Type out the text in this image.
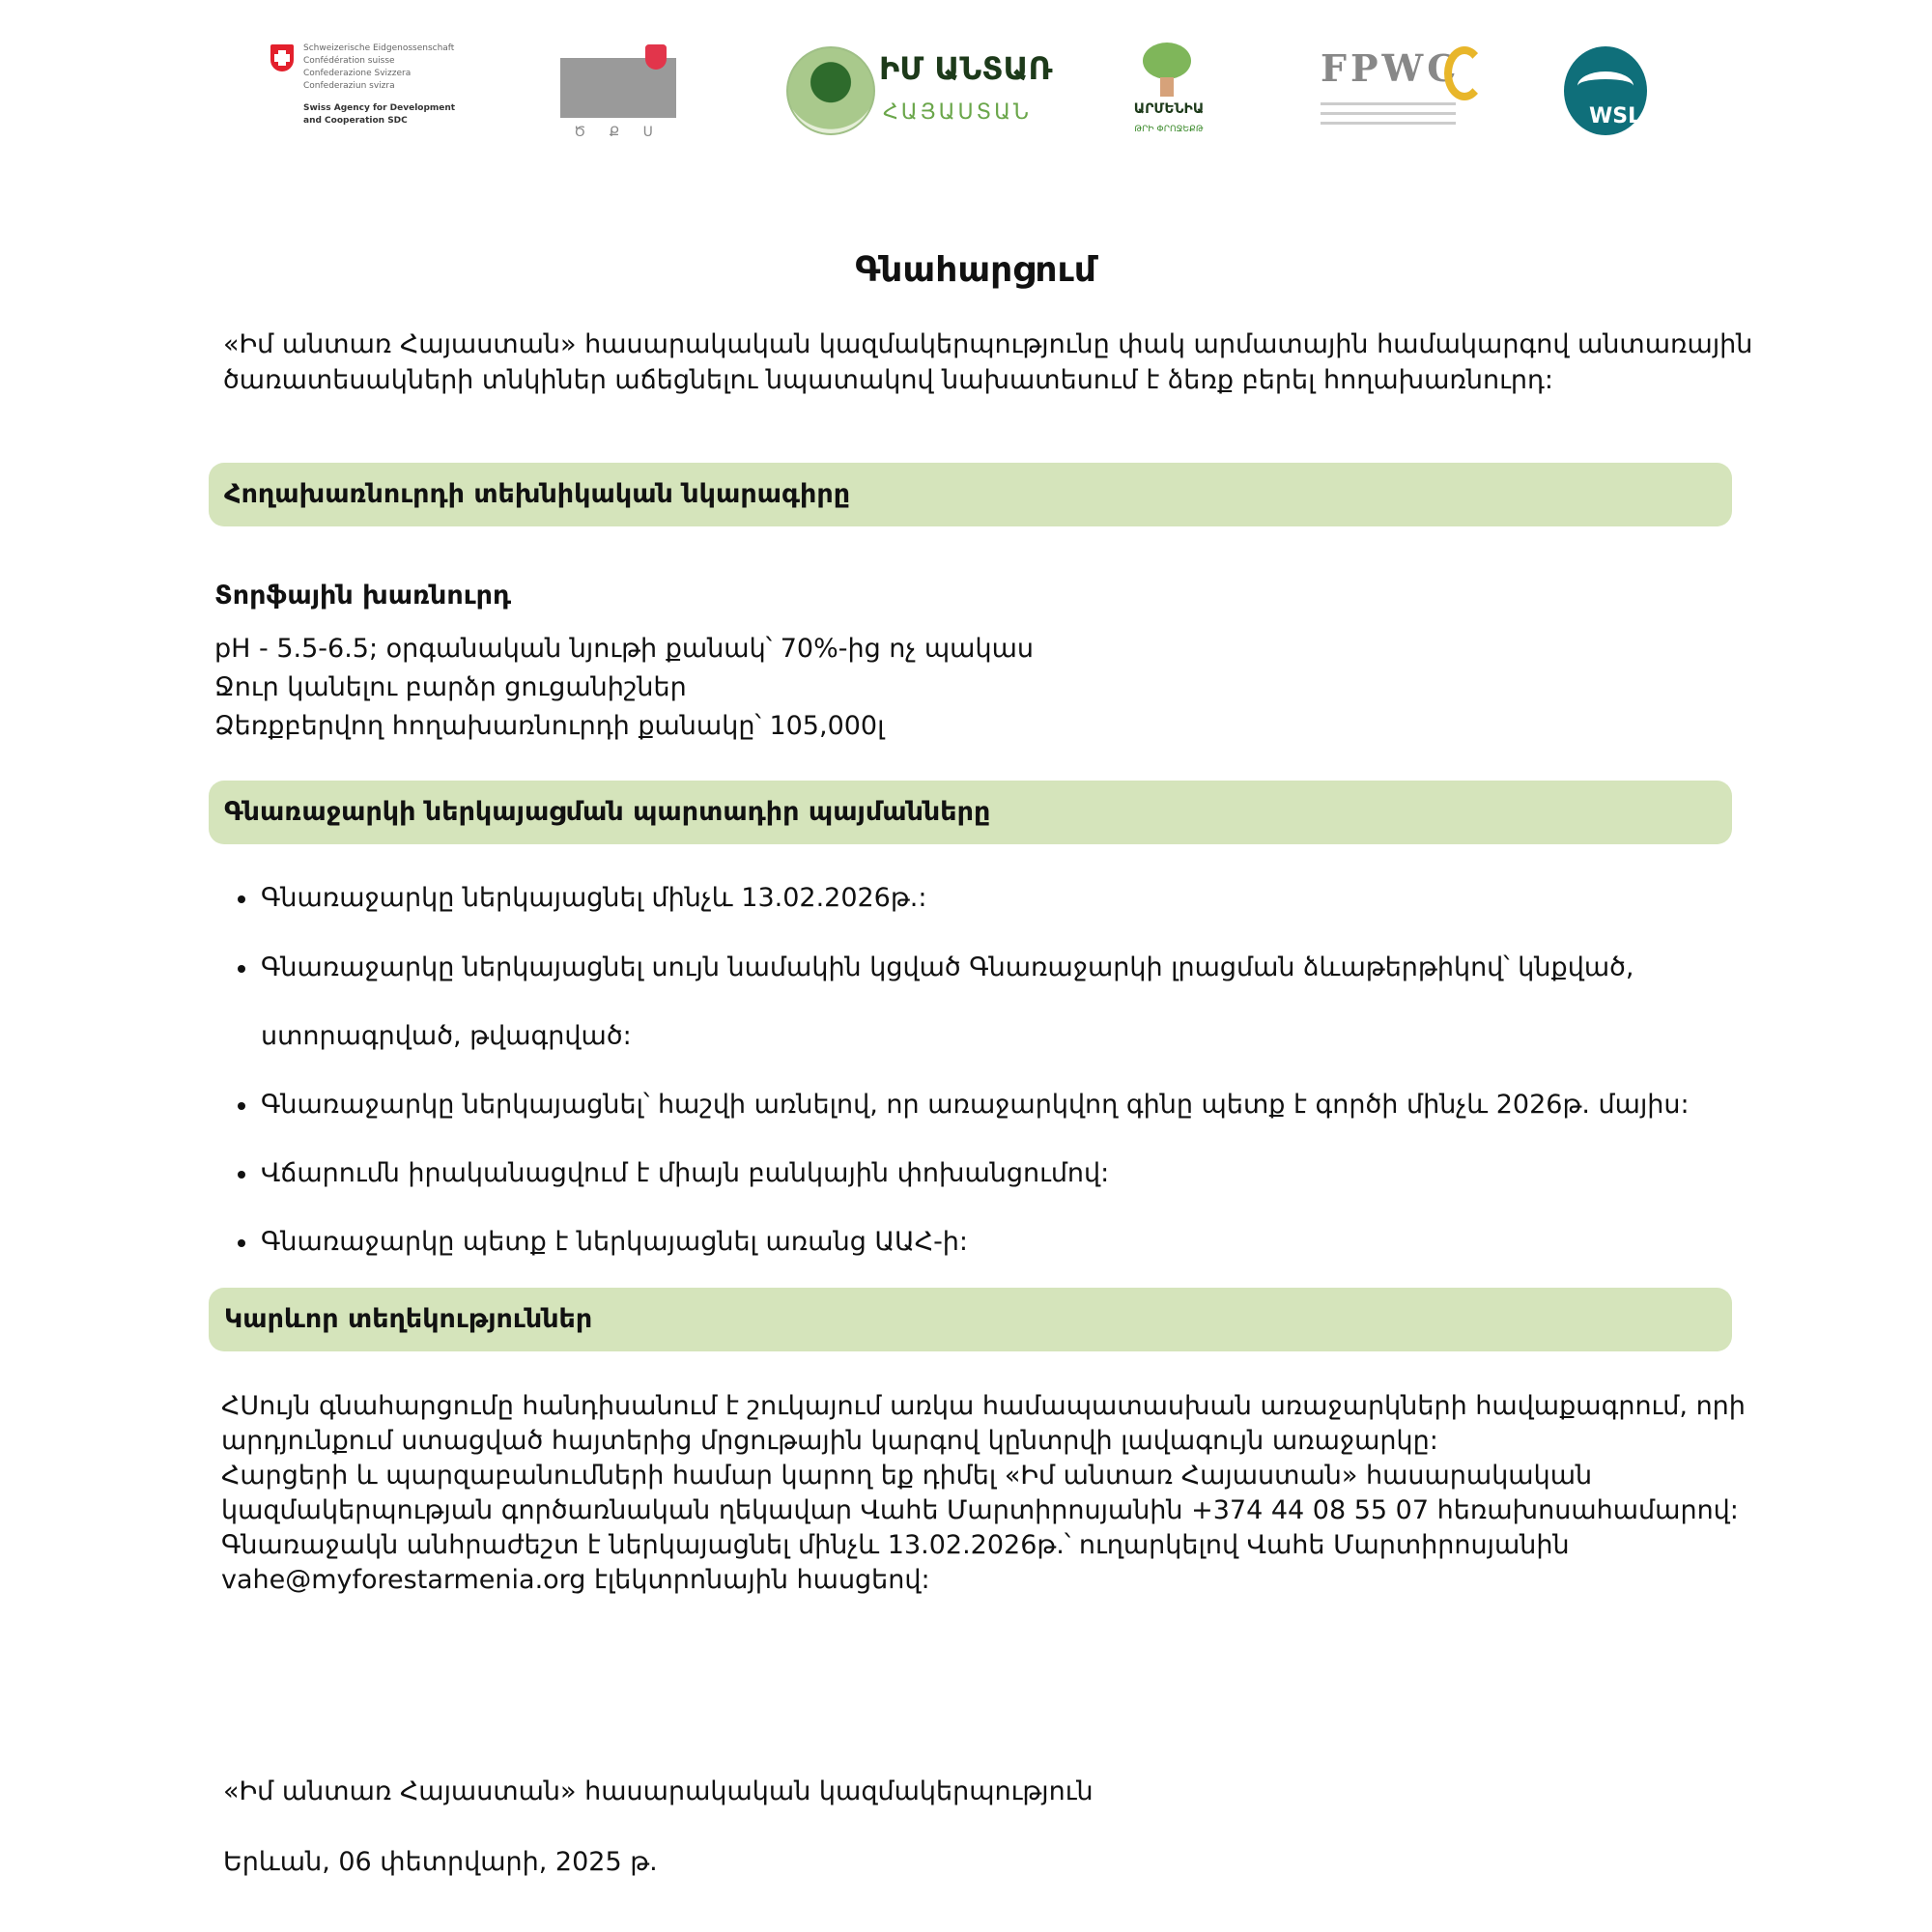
Schweizerische Eidgenossenschaft
Confédération suisse
Confederazione Svizzera
Confederaziun svizra
Swiss Agency for Development
and Cooperation SDC
Ծ Ք Ս
ԻՄ ԱՆՏԱՌ
ՀԱՅԱՍՏԱՆ	ԱՐՄԵՆԻԱ
ԹՐԻ ՓՐՈՋԵՔԹ
FPWC
WSL
Գնահարցում
«Իմ անտառ Հայաստան» հասարակական կազմակերպությունը փակ արմատային համակարգով անտառային
ծառատեսակների տնկիներ աճեցնելու նպատակով նախատեսում է ձեռք բերել հողախառնուրդ:
Հողախառնուրդի տեխնիկական նկարագիրը
Տորֆային խառնուրդ
pH - 5.5-6.5; օրգանական նյութի քանակ՝ 70%-ից ոչ պակաս
Ջուր կանելու բարձր ցուցանիշներ
Ձեռքբերվող հողախառնուրդի քանակը՝ 105,000լ
Գնառաջարկի ներկայացման պարտադիր պայմանները
Գնառաջարկը ներկայացնել մինչև 13.02.2026թ.:
Գնառաջարկը ներկայացնել սույն նամակին կցված Գնառաջարկի լրացման ձևաթերթիկով՝ կնքված,
ստորագրված, թվագրված:
Գնառաջարկը ներկայացնել՝ հաշվի առնելով, որ առաջարկվող գինը պետք է գործի մինչև 2026թ. մայիս:
Վճարումն իրականացվում է միայն բանկային փոխանցումով:
Գնառաջարկը պետք է ներկայացնել առանց ԱԱՀ-ի:
Կարևոր տեղեկություններ
ՀՍույն գնահարցումը հանդիսանում է շուկայում առկա համապատասխան առաջարկների հավաքագրում, որի
արդյունքում ստացված հայտերից մրցութային կարգով կընտրվի լավագույն առաջարկը:
Հարցերի և պարզաբանումների համար կարող եք դիմել «Իմ անտառ Հայաստան» հասարակական
կազմակերպության գործառնական ղեկավար Վահե Մարտիրոսյանին +374 44 08 55 07 հեռախոսահամարով:
Գնառաջակն անհրաժեշտ է ներկայացնել մինչև 13.02.2026թ.՝ ուղարկելով Վահե Մարտիրոսյանին
vahe@myforestarmenia.org էլեկտրոնային հասցեով:
«Իմ անտառ Հայաստան» հասարակական կազմակերպություն
Երևան, 06 փետրվարի, 2025 թ.
